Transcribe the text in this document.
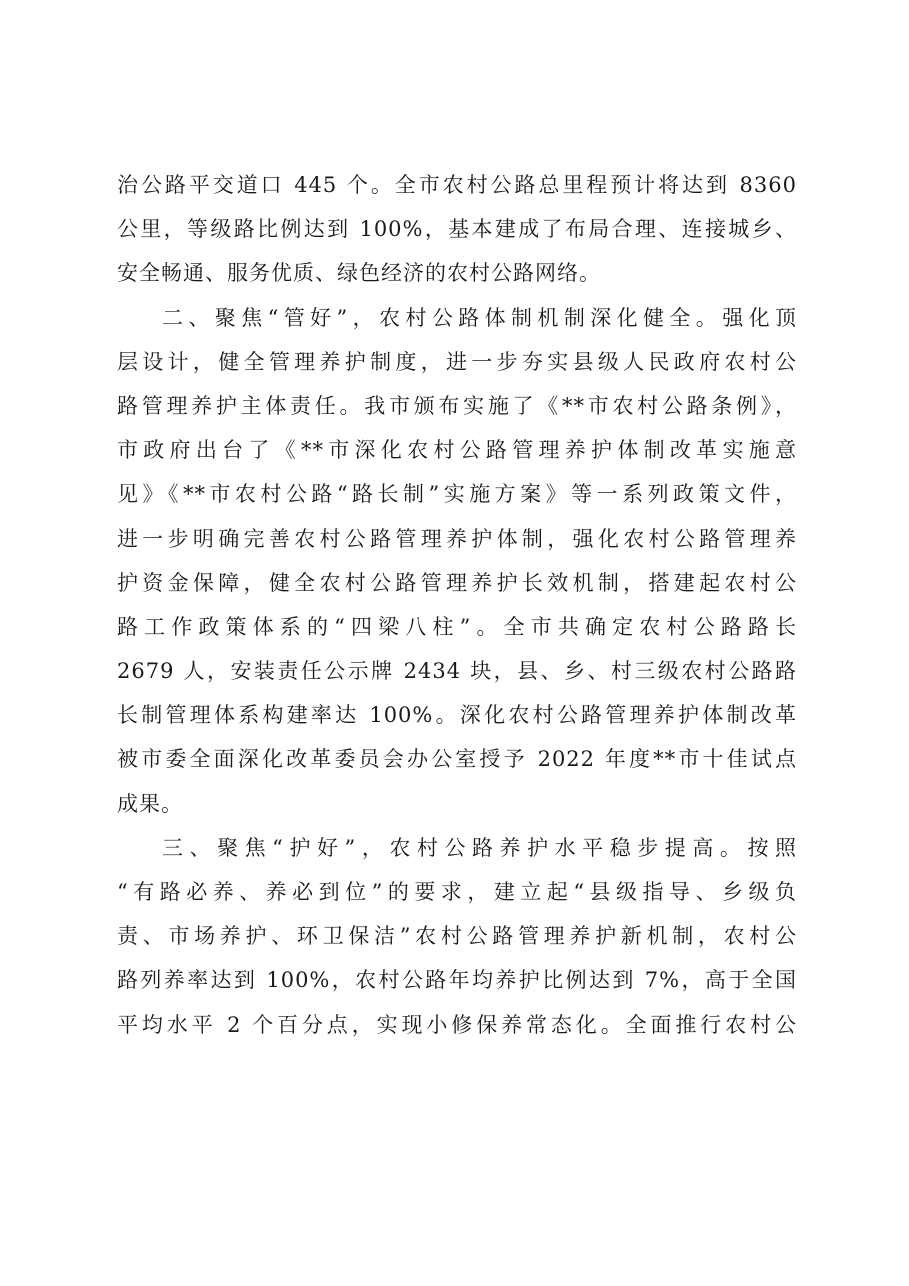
治公路平交道口 445 个。全市农村公路总里程预计将达到 8360
公里，等级路比例达到 100%，基本建成了布局合理、连接城乡、
安全畅通、服务优质、绿色经济的农村公路网络。
二、聚焦“管好”，农村公路体制机制深化健全。强化顶
层设计，健全管理养护制度，进一步夯实县级人民政府农村公
路管理养护主体责任。我市颁布实施了《**市农村公路条例》，
市政府出台了《**市深化农村公路管理养护体制改革实施意
见》《**市农村公路“路长制”实施方案》等一系列政策文件，
进一步明确完善农村公路管理养护体制，强化农村公路管理养
护资金保障，健全农村公路管理养护长效机制，搭建起农村公
路工作政策体系的“四梁八柱”。全市共确定农村公路路长
2679 人，安装责任公示牌 2434 块，县、乡、村三级农村公路路
长制管理体系构建率达 100%。深化农村公路管理养护体制改革
被市委全面深化改革委员会办公室授予 2022 年度**市十佳试点
成果。
三、聚焦“护好”，农村公路养护水平稳步提高。按照
“有路必养、养必到位”的要求，建立起“县级指导、乡级负
责、市场养护、环卫保洁”农村公路管理养护新机制，农村公
路列养率达到 100%，农村公路年均养护比例达到 7%，高于全国
平均水平 2 个百分点，实现小修保养常态化。全面推行农村公
